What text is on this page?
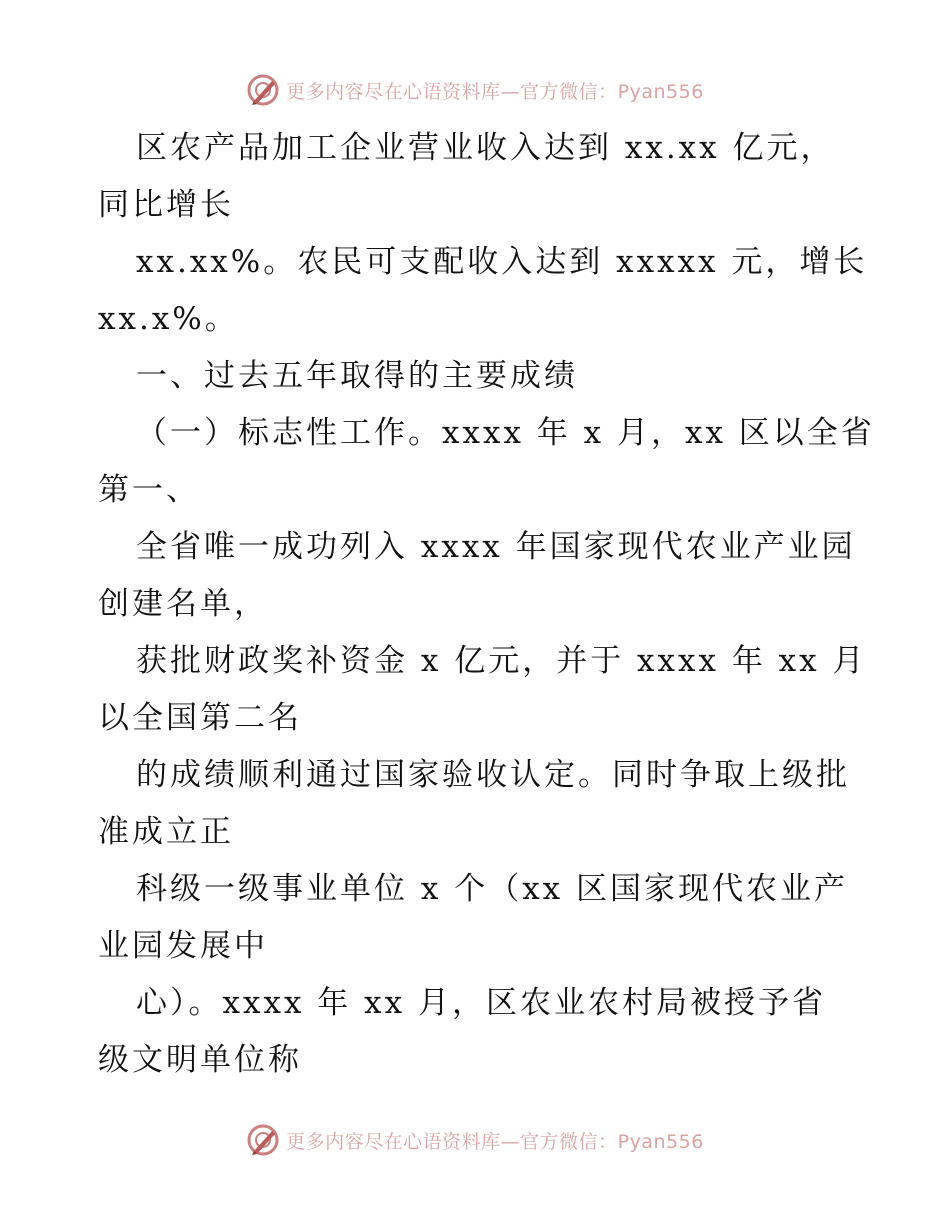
更多内容尽在心语资料库—官方微信：Pyan556
区农产品加工企业营业收入达到 xx.xx 亿元，
同比增长
xx.xx%。农民可支配收入达到 xxxxx 元，增长
xx.x%。
一、过去五年取得的主要成绩
（一）标志性工作。xxxx 年 x 月，xx 区以全省
第一、
全省唯一成功列入 xxxx 年国家现代农业产业园
创建名单，
获批财政奖补资金 x 亿元，并于 xxxx 年 xx 月
以全国第二名
的成绩顺利通过国家验收认定。同时争取上级批
准成立正
科级一级事业单位 x 个（xx 区国家现代农业产
业园发展中
心）。xxxx 年 xx 月，区农业农村局被授予省
级文明单位称
更多内容尽在心语资料库—官方微信：Pyan556
